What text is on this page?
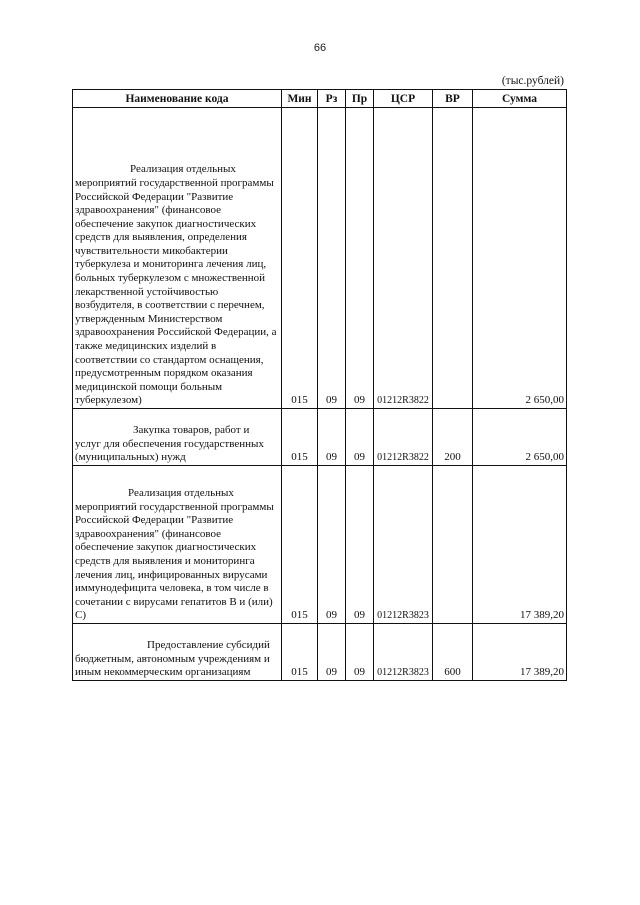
66
(тыс.рублей)
Наименование кода	Мин	Рз	Пр	ЦСР	ВР	Сумма

Реализация отдельных
мероприятий государственной программы Российской Федерации "Развитие здравоохранения" (финансовое обеспечение закупок диагностических средств для выявления, определения чувствительности микобактерии туберкулеза и мониторинга лечения лиц, больных туберкулезом с множественной лекарственной устойчивостью возбудителя, в соответствии с перечнем, утвержденным Министерством здравоохранения Российской Федерации, а также медицинских изделий в соответствии со стандартом оснащения, предусмотренным порядком оказания медицинской помощи больным туберкулезом)	015	09	09	01212R3822		2 650,00

Закупка товаров, работ и
услуг для обеспечения государственных (муниципальных) нужд	015	09	09	01212R3822	200	2 650,00

Реализация отдельных
мероприятий государственной программы Российской Федерации "Развитие здравоохранения" (финансовое обеспечение закупок диагностических средств для выявления и мониторинга лечения лиц, инфицированных вирусами иммунодефицита человека, в том числе в сочетании с вирусами гепатитов B и (или) C)	015	09	09	01212R3823		17 389,20

Предоставление субсидий
бюджетным, автономным учреждениям и иным некоммерческим организациям	015	09	09	01212R3823	600	17 389,20
